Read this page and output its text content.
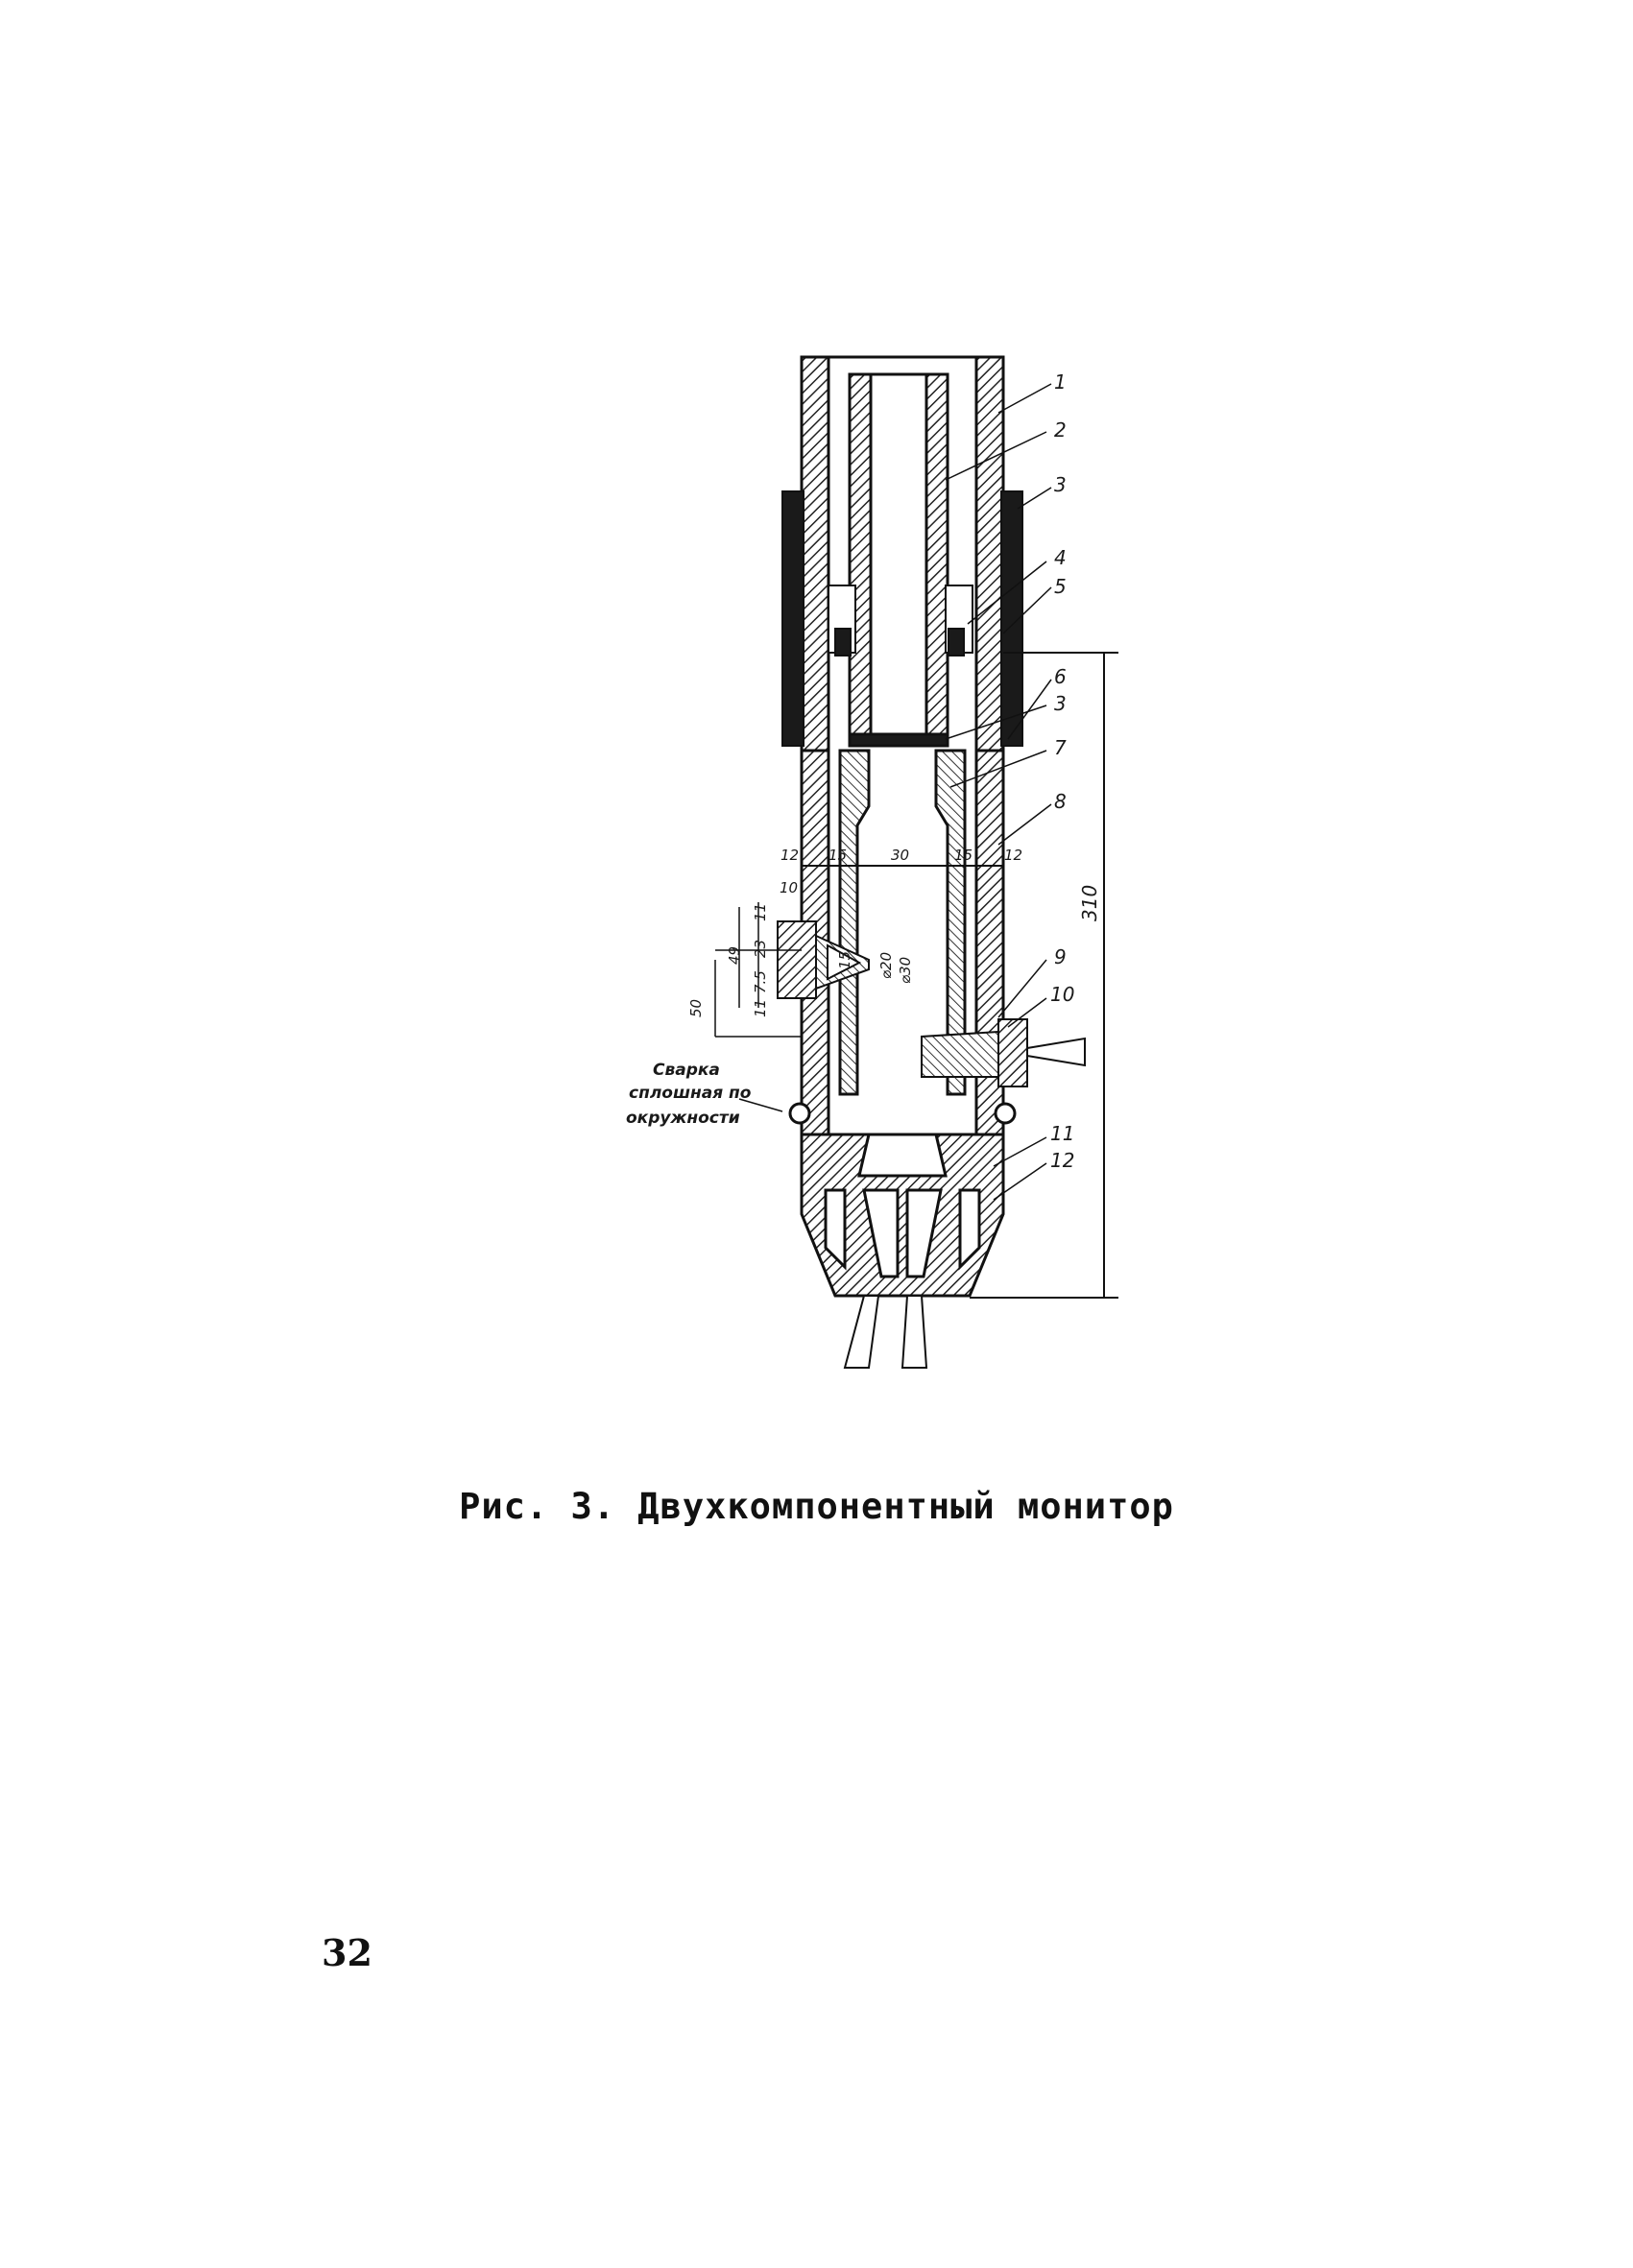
1
2
3
4
5
6
3
7
8
9
10
11
12
12 15	30	15 12
310
10
11
23
49
7.5
11
50
15 ⌀20 ⌀30
Сварка
сплошная по
окружности
Рис. 3. Двухкомпонентный монитор
32
